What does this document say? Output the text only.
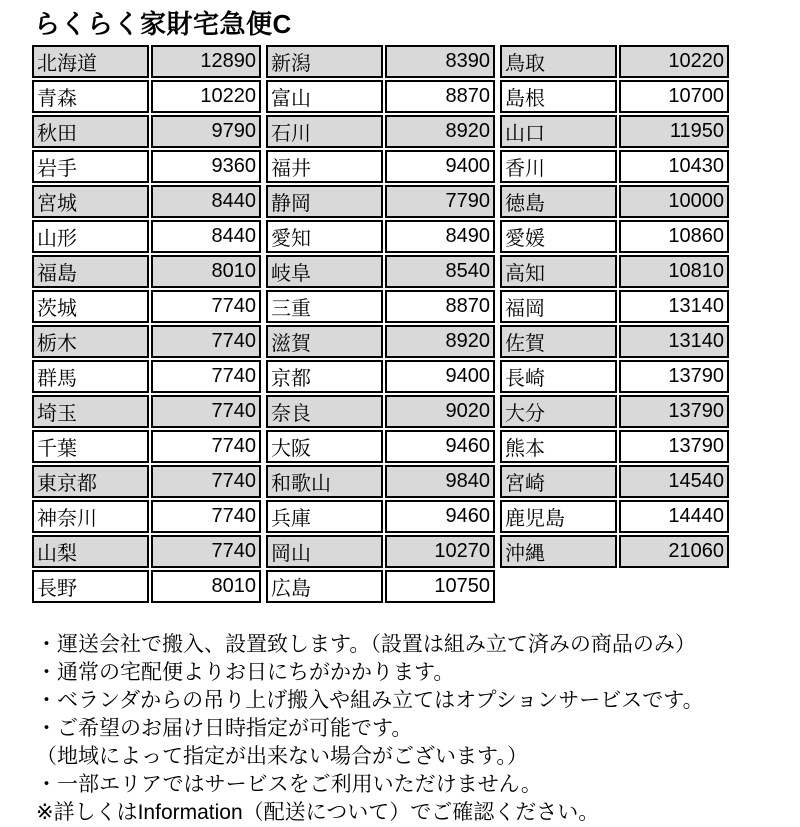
らくらく家財宅急便C
北海道	12890
青森	10220
秋田	9790
岩手	9360
宮城	8440
山形	8440
福島	8010
茨城	7740
栃木	7740
群馬	7740
埼玉	7740
千葉	7740
東京都	7740
神奈川	7740
山梨	7740
長野	8010
新潟	8390
富山	8870
石川	8920
福井	9400
静岡	7790
愛知	8490
岐阜	8540
三重	8870
滋賀	8920
京都	9400
奈良	9020
大阪	9460
和歌山	9840
兵庫	9460
岡山	10270
広島	10750
鳥取	10220
島根	10700
山口	11950
香川	10430
徳島	10000
愛媛	10860
高知	10810
福岡	13140
佐賀	13140
長崎	13790
大分	13790
熊本	13790
宮崎	14540
鹿児島	14440
沖縄	21060
・運送会社で搬入、設置致します。（設置は組み立て済みの商品のみ）
・通常の宅配便よりお日にちがかかります。
・ベランダからの吊り上げ搬入や組み立てはオプションサービスです。
・ご希望のお届け日時指定が可能です。
（地域によって指定が出来ない場合がございます。）
・一部エリアではサービスをご利用いただけません。
※詳しくはInformation（配送について）でご確認ください。
